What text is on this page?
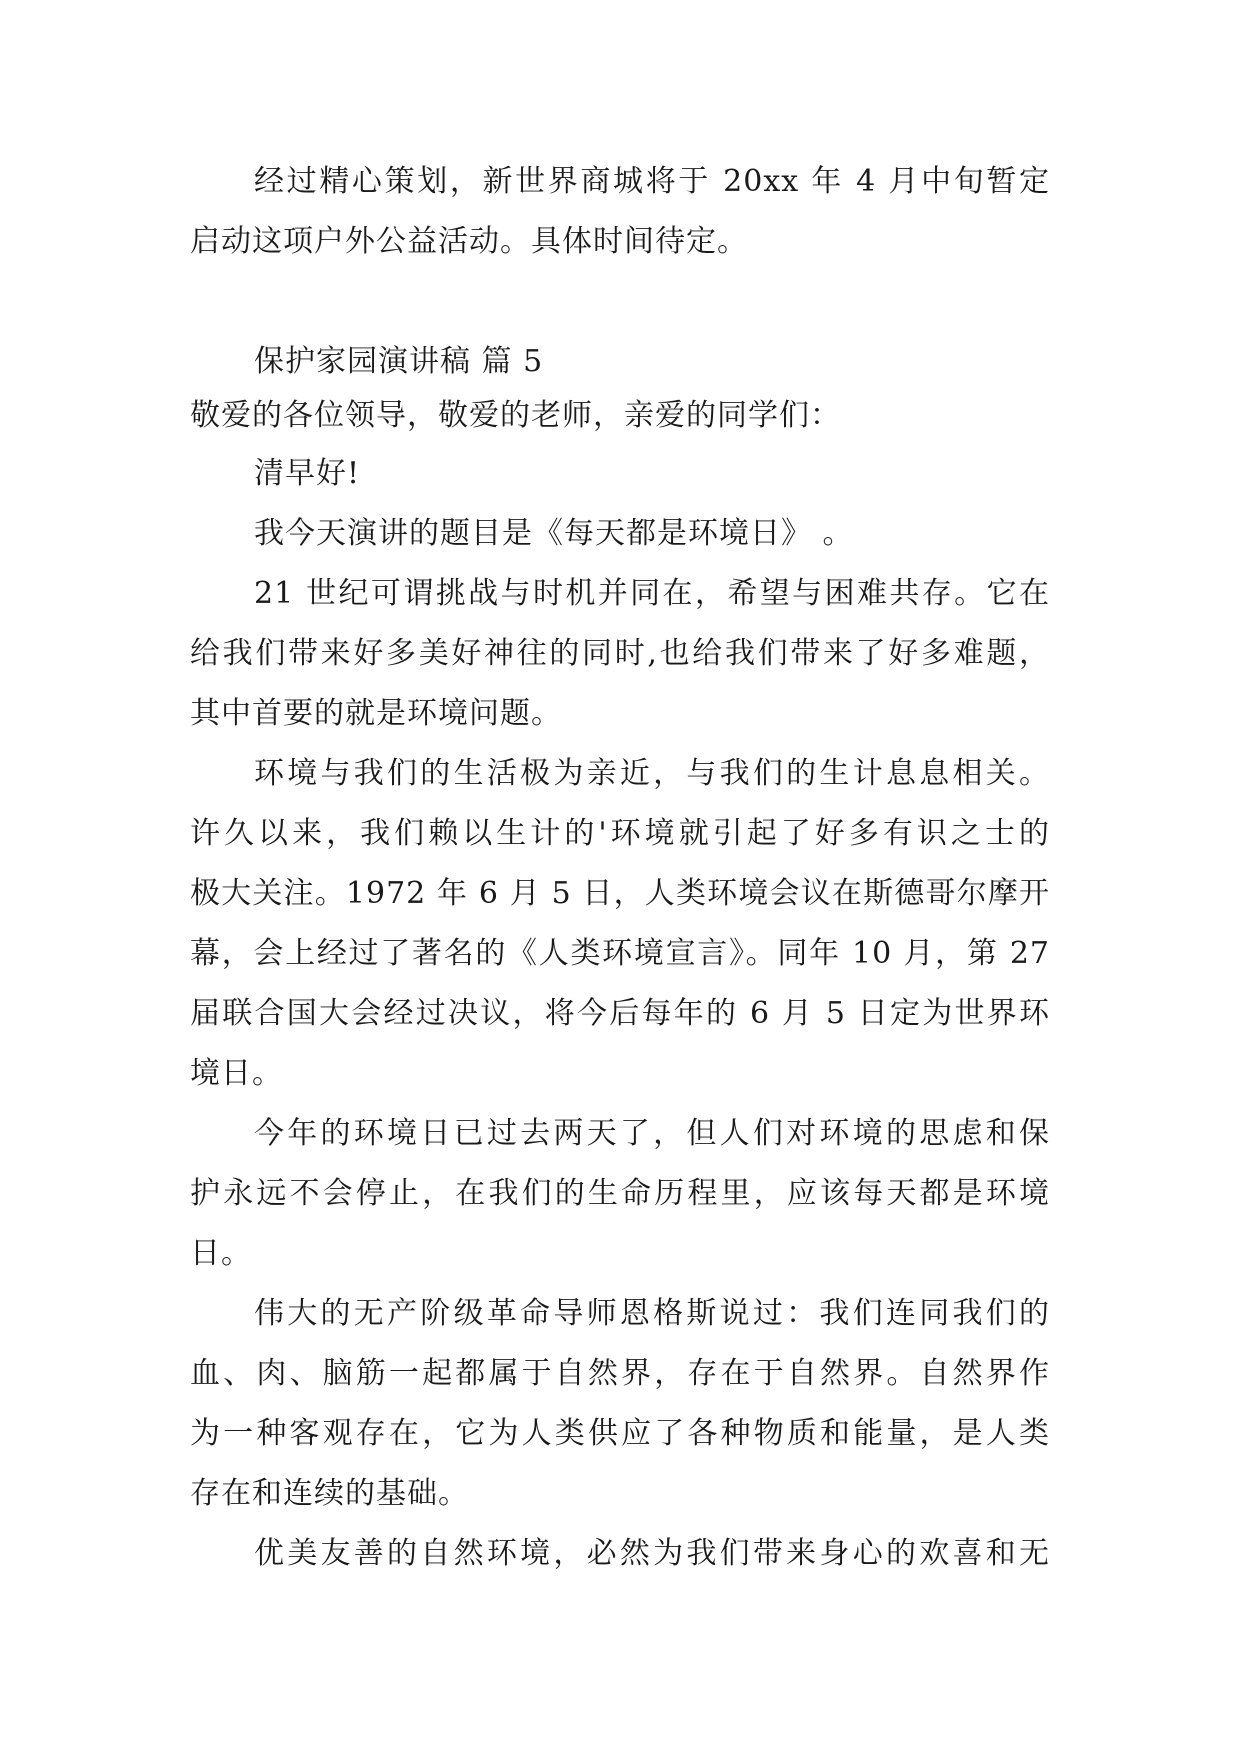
经过精心策划，新世界商城将于 20xx 年 4 月中旬暂定
启动这项户外公益活动。具体时间待定。
保护家园演讲稿 篇 5
敬爱的各位领导，敬爱的老师，亲爱的同学们：
清早好!
我今天演讲的题目是《每天都是环境日》 。
21 世纪可谓挑战与时机并同在，希望与困难共存。它在
给我们带来好多美好神往的同时,也给我们带来了好多难题，
其中首要的就是环境问题。
环境与我们的生活极为亲近，与我们的生计息息相关。
许久以来，我们赖以生计的'环境就引起了好多有识之士的
极大关注。1972 年 6 月 5 日，人类环境会议在斯德哥尔摩开
幕，会上经过了著名的《人类环境宣言》。同年 10 月，第 27
届联合国大会经过决议，将今后每年的 6 月 5 日定为世界环
境日。
今年的环境日已过去两天了，但人们对环境的思虑和保
护永远不会停止，在我们的生命历程里，应该每天都是环境
日。
伟大的无产阶级革命导师恩格斯说过：我们连同我们的
血、肉、脑筋一起都属于自然界，存在于自然界。自然界作
为一种客观存在，它为人类供应了各种物质和能量，是人类
存在和连续的基础。
优美友善的自然环境，必然为我们带来身心的欢喜和无
